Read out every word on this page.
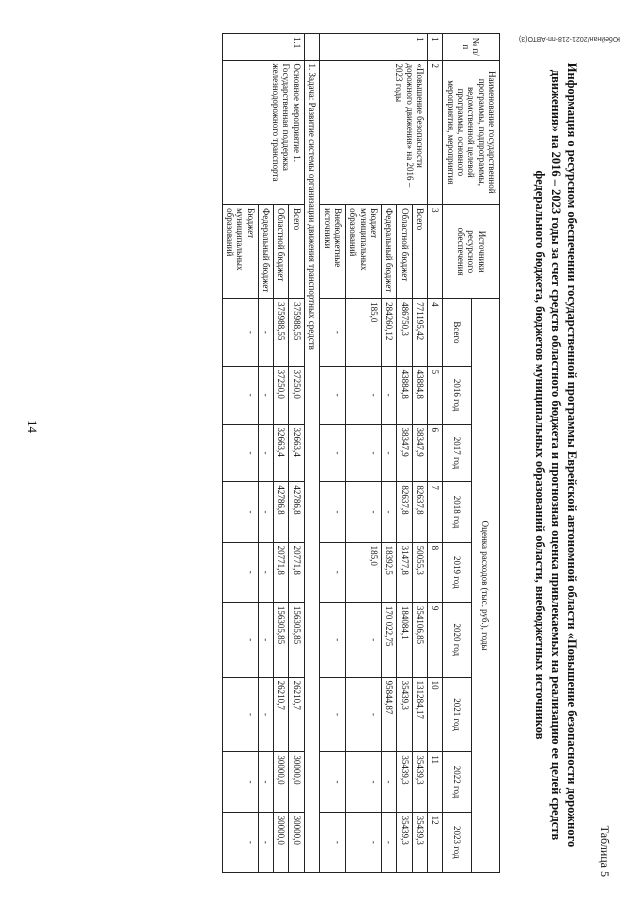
14
Таблица 5
Информация о ресурсном обеспечении государственной программы Еврейской автономной области «Повышение безопасности дорожного движения» на 2016 – 2023 годы за счет средств областного бюджета и прогнозная оценка привлекаемых на реализацию ее целей средств федерального бюджета, бюджетов муниципальных образований области, внебюджетных источников
№ п/п	Наименование государственной программы, подпрограммы, ведомственной целевой программы, основного мероприятия, мероприятия	Источники ресурсного обеспечения	Оценка расходов (тыс. руб.), годы								
			Всего	2016 год	2017 год	2018 год	2019 год	2020 год	2021 год	2022 год	2023 год
1	2	3	4	5	6	7	8	9	10	11	12
1	«Повышение безопасности дорожного движения» на 2016 – 2023 годы	Всего	771195,42	43884,8	38347,9	82637,8	50055,3	354106,85	131284,17	35439,3	35439,3
		Областной бюджет	486750,3	43884,8	38347,9	82637,8	31477,8	184084,1	35439,3	35439,3	35439,3
		Федеральный бюджет	284260,12	-	-	-	18392,5	170 022,75	95844,87	-	-
		Бюджет муниципальных образований	185,0	-	-	-	185,0	-	-	-	-
		Внебюджетные источники	-	-	-	-	-	-	-	-	-
	1. Задача: Развитие системы организации движения транспортных средств										
1.1	Основное мероприятие 1. Государственная поддержка железнодорожного транспорта	Всего	375988,55	37250,0	32663,4	42786,8	20771,8	156305,85	26210,7	30000,0	30000,0
		Областной бюджет	375988,55	37250,0	32663,4	42786,8	20771,8	156305,85	26210,7	30000,0	30000,0
		Федеральный бюджет	-	-	-	-	-	-	-	-	-
		Бюджет муниципальных образований	-	-	-	-	-	-	-	-	-
Юбейнан/2021-218-пп-АВТО(3)
